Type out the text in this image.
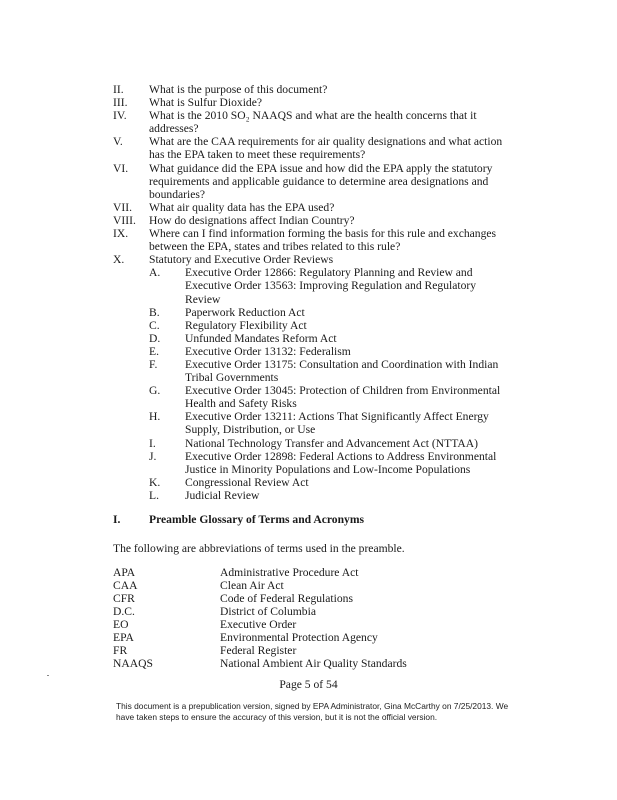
II. What is the purpose of this document?
III. What is Sulfur Dioxide?
IV. What is the 2010 SO₂ NAAQS and what are the health concerns that it addresses?
V. What are the CAA requirements for air quality designations and what action has the EPA taken to meet these requirements?
VI. What guidance did the EPA issue and how did the EPA apply the statutory requirements and applicable guidance to determine area designations and boundaries?
VII. What air quality data has the EPA used?
VIII. How do designations affect Indian Country?
IX. Where can I find information forming the basis for this rule and exchanges between the EPA, states and tribes related to this rule?
X. Statutory and Executive Order Reviews
A. Executive Order 12866: Regulatory Planning and Review and Executive Order 13563: Improving Regulation and Regulatory Review
B. Paperwork Reduction Act
C. Regulatory Flexibility Act
D. Unfunded Mandates Reform Act
E. Executive Order 13132: Federalism
F. Executive Order 13175: Consultation and Coordination with Indian Tribal Governments
G. Executive Order 13045: Protection of Children from Environmental Health and Safety Risks
H. Executive Order 13211: Actions That Significantly Affect Energy Supply, Distribution, or Use
I.	National Technology Transfer and Advancement Act (NTTAA)
J. Executive Order 12898: Federal Actions to Address Environmental Justice in Minority Populations and Low-Income Populations
K. Congressional Review Act
L. Judicial Review
I. Preamble Glossary of Terms and Acronyms
The following are abbreviations of terms used in the preamble.
APA	Administrative Procedure Act
CAA	Clean Air Act
CFR	Code of Federal Regulations
D.C.	District of Columbia
EO	Executive Order
EPA	Environmental Protection Agency
FR	Federal Register
NAAQS	National Ambient Air Quality Standards
Page 5 of 54
This document is a prepublication version, signed by EPA Administrator, Gina McCarthy on 7/25/2013. We have taken steps to ensure the accuracy of this version, but it is not the official version.
